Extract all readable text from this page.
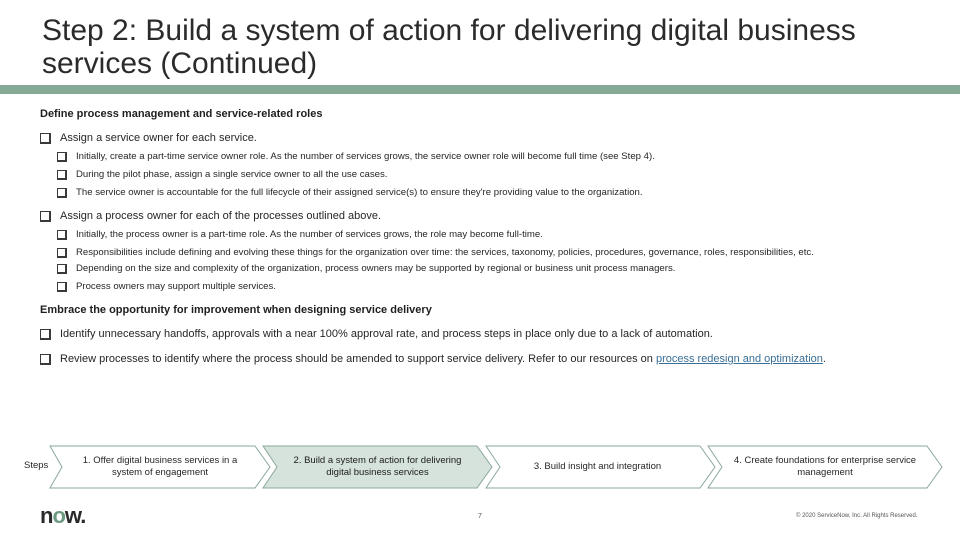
Step 2: Build a system of action for delivering digital business services (Continued)
Define process management and service-related roles
Assign a service owner for each service.
Initially, create a part-time service owner role. As the number of services grows, the service owner role will become full time (see Step 4).
During the pilot phase, assign a single service owner to all the use cases.
The service owner is accountable for the full lifecycle of their assigned service(s) to ensure they're providing value to the organization.
Assign a process owner for each of the processes outlined above.
Initially, the process owner is a part-time role. As the number of services grows, the role may become full-time.
Responsibilities include defining and evolving these things for the organization over time: the services, taxonomy, policies, procedures, governance, roles, responsibilities, etc.
Depending on the size and complexity of the organization, process owners may be supported by regional or business unit process managers.
Process owners may support multiple services.
Embrace the opportunity for improvement when designing service delivery
Identify unnecessary handoffs, approvals with a near 100% approval rate, and process steps in place only due to a lack of automation.
Review processes to identify where the process should be amended to support service delivery. Refer to our resources on process redesign and optimization.
Steps	1. Offer digital business services in a system of engagement
2. Build a system of action for delivering digital business services
3. Build insight and integration
4. Create foundations for enterprise service management
now.	7	© 2020 ServiceNow, Inc. All Rights Reserved.
